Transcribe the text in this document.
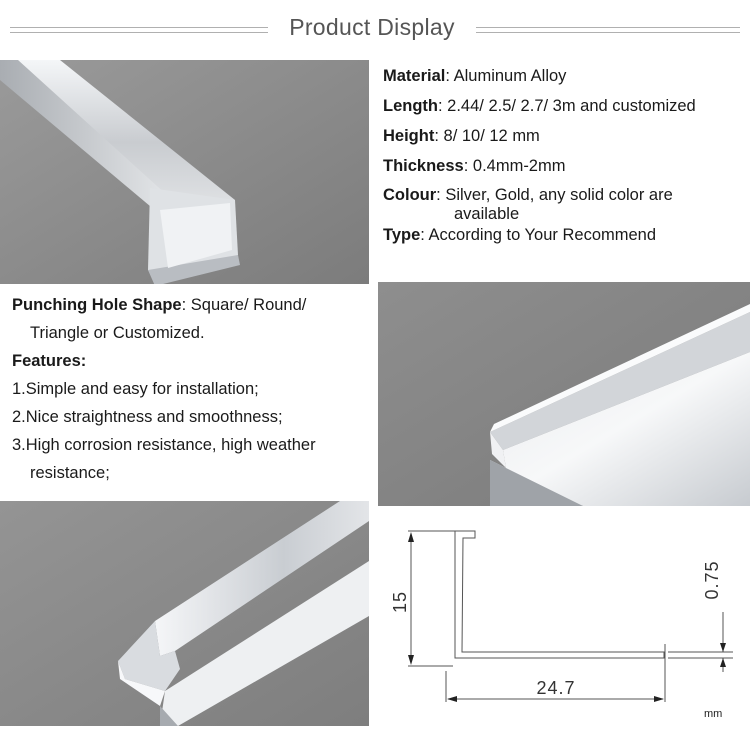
Product Display
Material: Aluminum Alloy
Length: 2.44/ 2.5/ 2.7/ 3m and customized
Height: 8/ 10/ 12 mm
Thickness: 0.4mm-2mm
Colour: Silver, Gold, any solid color are
available
Type: According to Your Recommend
Punching Hole Shape: Square/ Round/
Triangle or Customized.
Features:
1.Simple and easy for installation;
2.Nice straightness and smoothness;
3.High corrosion resistance, high weather
resistance;
15
24.7
0.75
mm
